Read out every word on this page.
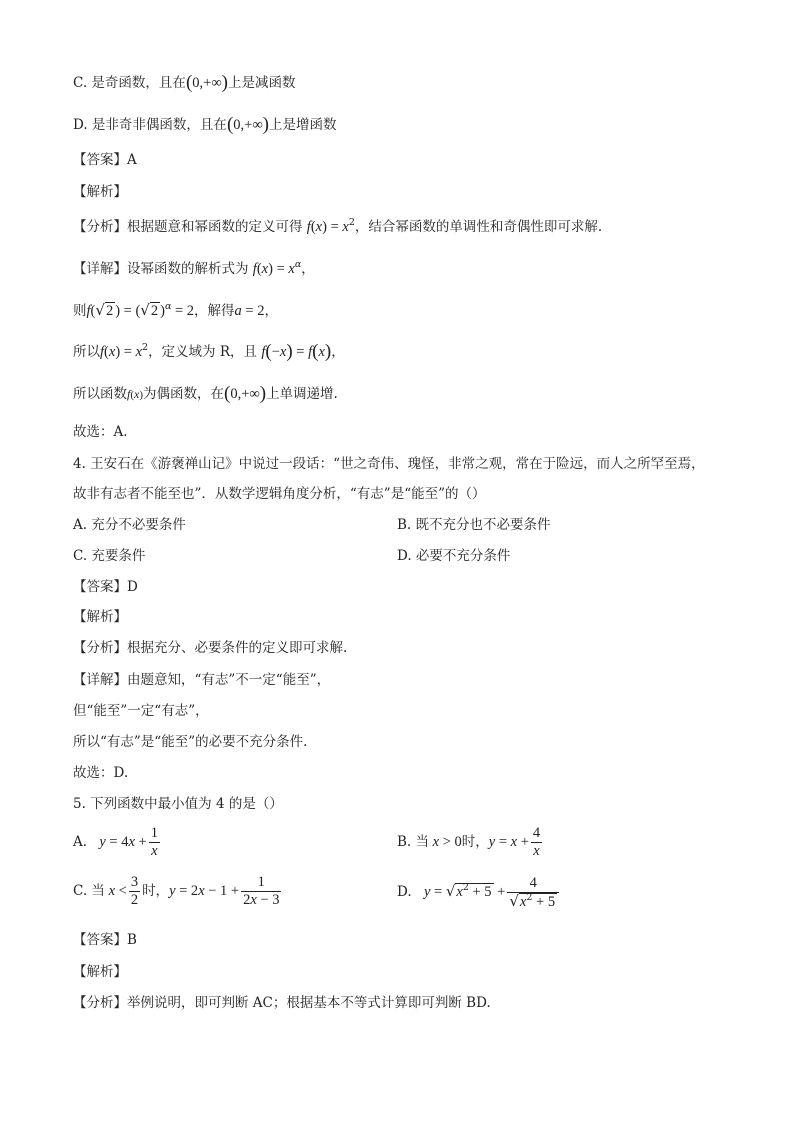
C. 是奇函数，且在(0,+∞)上是减函数
D. 是非奇非偶函数，且在(0,+∞)上是增函数
【答案】A
【解析】
【分析】根据题意和幂函数的定义可得 $f(x) = x^2$，结合幂函数的单调性和奇偶性即可求解.
【详解】设幂函数的解析式为 $f(x) = x^\alpha$，
则f(√2 ) = (√2 )$^\alpha$ = 2，解得a = 2，
所以$f(x) = x^2$，定义域为 R，且 f(−x) = f(x)，
所以函数f(x)为偶函数，在(0,+∞)上单调递增.
故选：A.
4. 王安石在《游褒禅山记》中说过一段话：“世之奇伟、瑰怪，非常之观，常在于险远，而人之所罕至焉，
故非有志者不能至也”．从数学逻辑角度分析，“有志”是“能至”的（）
A. 充分不必要条件	B. 既不充分也不必要条件
C. 充要条件	D. 必要不充分条件
【答案】D
【解析】
【分析】根据充分、必要条件的定义即可求解.
【详解】由题意知，“有志”不一定“能至”，
但“能至”一定“有志”，
所以“有志”是“能至”的必要不充分条件.
故选：D.
5. 下列函数中最小值为 4 的是（）
A. $y = 4x + \frac{1}{x}$	B. 当 x > 0时，$y = x + \frac{4}{x}$
C. 当 $x < \frac{3}{2}$ 时，$y = 2x - 1 + \frac{1}{2x - 3}$	D. $y = √x^2 + 5 + \frac{4}{√x^2 + 5}$
【答案】B
【解析】
【分析】举例说明，即可判断 AC；根据基本不等式计算即可判断 BD.
